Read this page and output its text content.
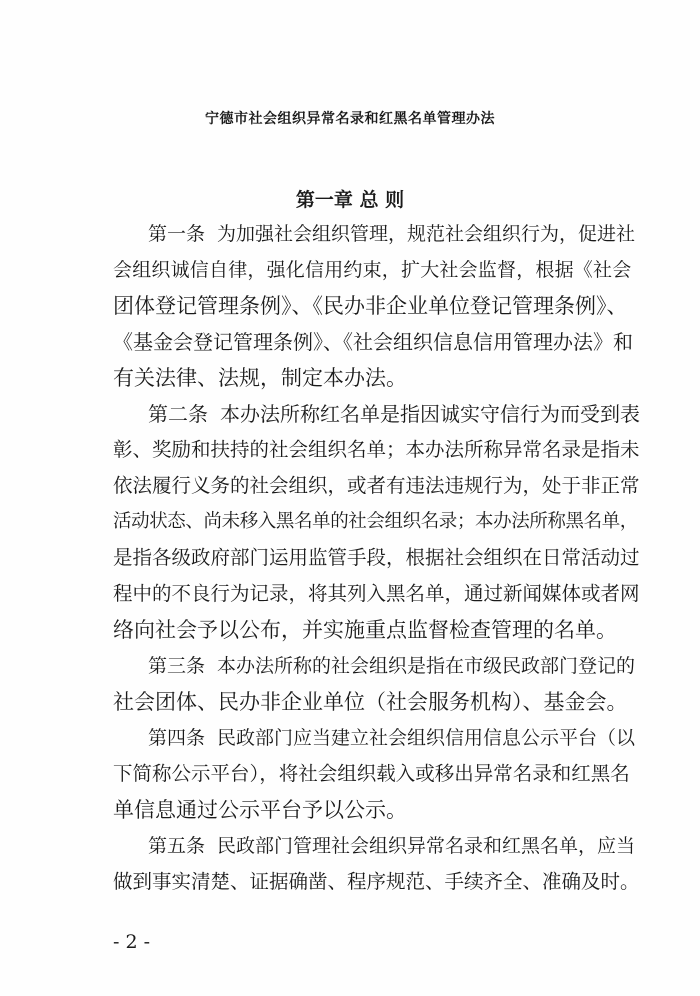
宁德市社会组织异常名录和红黑名单管理办法
第一章 总 则
第一条 为加强社会组织管理，规范社会组织行为，促进社
会组织诚信自律，强化信用约束，扩大社会监督，根据《社会
团体登记管理条例》、《民办非企业单位登记管理条例》、
《基金会登记管理条例》、《社会组织信息信用管理办法》和
有关法律、法规，制定本办法。
第二条 本办法所称红名单是指因诚实守信行为而受到表
彰、奖励和扶持的社会组织名单；本办法所称异常名录是指未
依法履行义务的社会组织，或者有违法违规行为，处于非正常
活动状态、尚未移入黑名单的社会组织名录；本办法所称黑名单，
是指各级政府部门运用监管手段，根据社会组织在日常活动过
程中的不良行为记录，将其列入黑名单，通过新闻媒体或者网
络向社会予以公布，并实施重点监督检查管理的名单。
第三条 本办法所称的社会组织是指在市级民政部门登记的
社会团体、民办非企业单位（社会服务机构）、基金会。
第四条 民政部门应当建立社会组织信用信息公示平台（以
下简称公示平台），将社会组织载入或移出异常名录和红黑名
单信息通过公示平台予以公示。
第五条 民政部门管理社会组织异常名录和红黑名单，应当
做到事实清楚、证据确凿、程序规范、手续齐全、准确及时。
- 2 -
